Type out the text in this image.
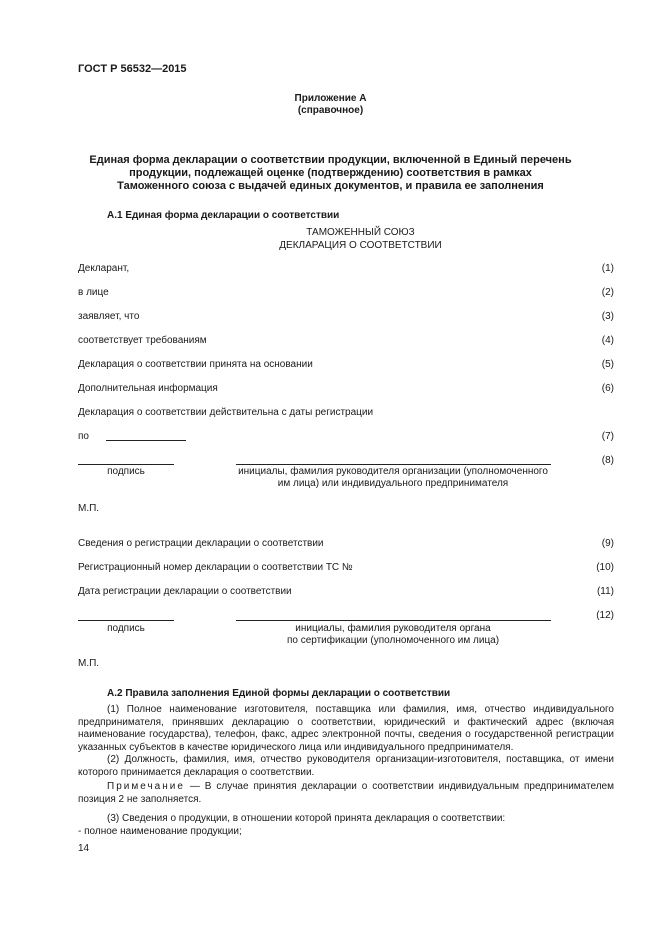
ГОСТ Р 56532—2015
Приложение А
(справочное)
Единая форма декларации о соответствии продукции, включенной в Единый перечень
продукции, подлежащей оценке (подтверждению) соответствия в рамках
Таможенного союза с выдачей единых документов, и правила ее заполнения
А.1 Единая форма декларации о соответствии
ТАМОЖЕННЫЙ СОЮЗ
ДЕКЛАРАЦИЯ О СООТВЕТСТВИИ
Декларант,	(1)
в лице	(2)
заявляет, что	(3)
соответствует требованиям	(4)
Декларация о соответствии принята на основании	(5)
Дополнительная информация	(6)
Декларация о соответствии действительна с даты регистрации
по	(7)
(8)
подпись	инициалы, фамилия руководителя организации (уполномоченного
им лица) или индивидуального предпринимателя
М.П.
Сведения о регистрации декларации о соответствии	(9)
Регистрационный номер декларации о соответствии ТС №	(10)
Дата регистрации декларации о соответствии	(11)
(12)
подпись	инициалы, фамилия руководителя органа
по сертификации (уполномоченного им лица)
М.П.
А.2 Правила заполнения Единой формы декларации о соответствии

(1) Полное наименование изготовителя, поставщика или фамилия, имя, отчество индивидуального предпринимателя, принявших декларацию о соответствии, юридический и фактический адрес (включая наименование государства), телефон, факс, адрес электронной почты, сведения о государственной регистрации указанных субъектов в качестве юридического лица или индивидуального предпринимателя.

(2) Должность, фамилия, имя, отчество руководителя организации-изготовителя, поставщика, от имени которого принимается декларация о соответствии.

Примечание — В случае принятия декларации о соответствии индивидуальным предпринимателем позиция 2 не заполняется.

(3) Сведения о продукции, в отношении которой принята декларация о соответствии:

- полное наименование продукции;

14
